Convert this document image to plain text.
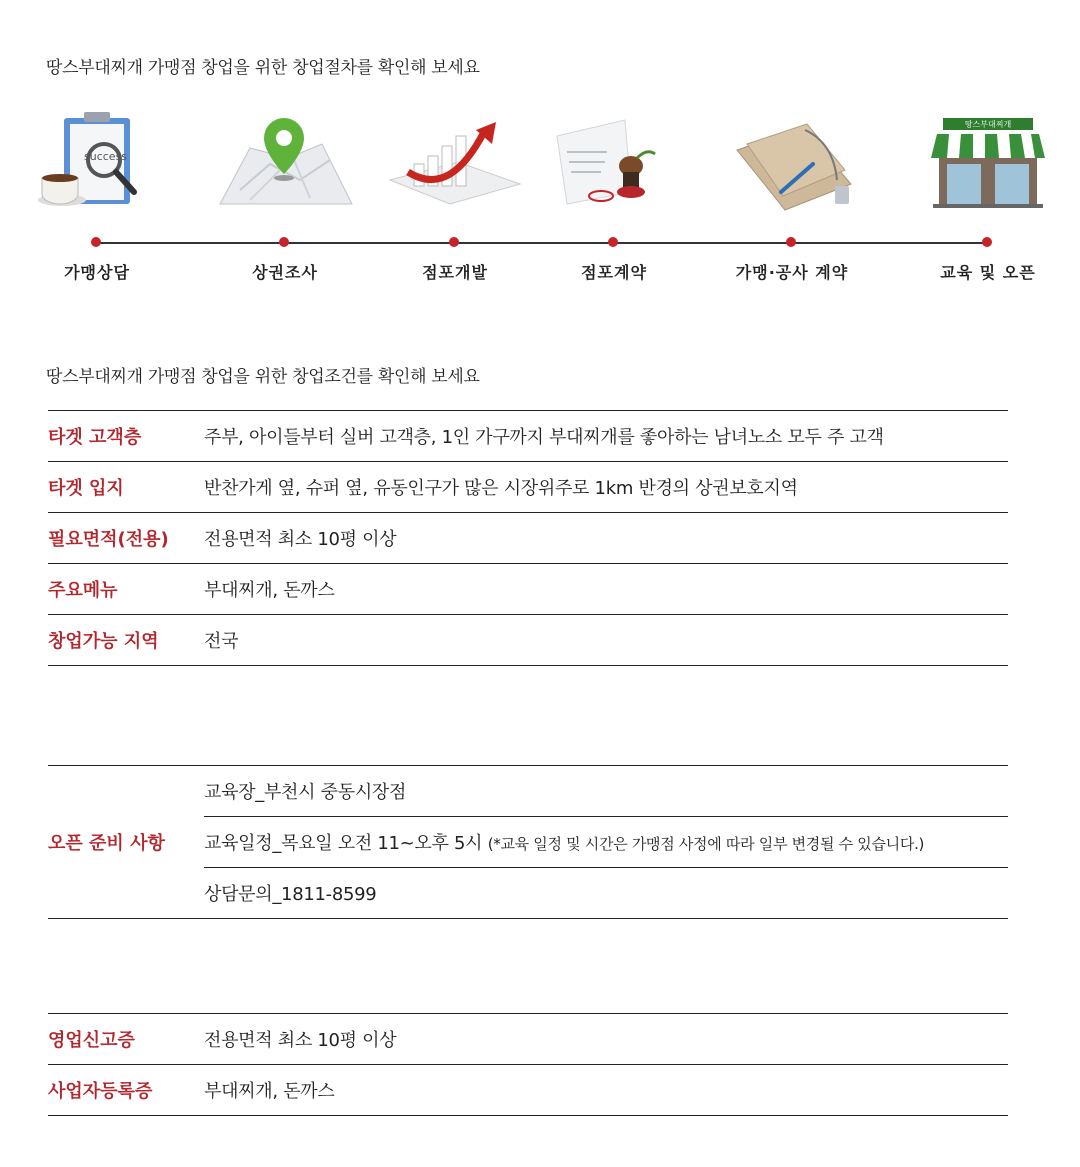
땅스부대찌개 가맹점 창업을 위한 창업절차를 확인해 보세요
success
가맹상담	상권조사	점포개발	점포계약	가맹·공사 계약
땅스부대찌개
교육 및 오픈
땅스부대찌개 가맹점 창업을 위한 창업조건를 확인해 보세요
타겟 고객층	주부, 아이들부터 실버 고객층, 1인 가구까지 부대찌개를 좋아하는 남녀노소 모두 주 고객
타겟 입지	반찬가게 옆, 슈퍼 옆, 유동인구가 많은 시장위주로 1km 반경의 상권보호지역
필요면적(전용)	전용면적 최소 10평 이상
주요메뉴	부대찌개, 돈까스
창업가능 지역	전국
오픈 준비 사항	교육장_부천시 중동시장점
교육일정_목요일 오전 11~오후 5시 (*교육 일정 및 시간은 가맹점 사정에 따라 일부 변경될 수 있습니다.)
상담문의_1811-8599
영업신고증	전용면적 최소 10평 이상
사업자등록증	부대찌개, 돈까스
